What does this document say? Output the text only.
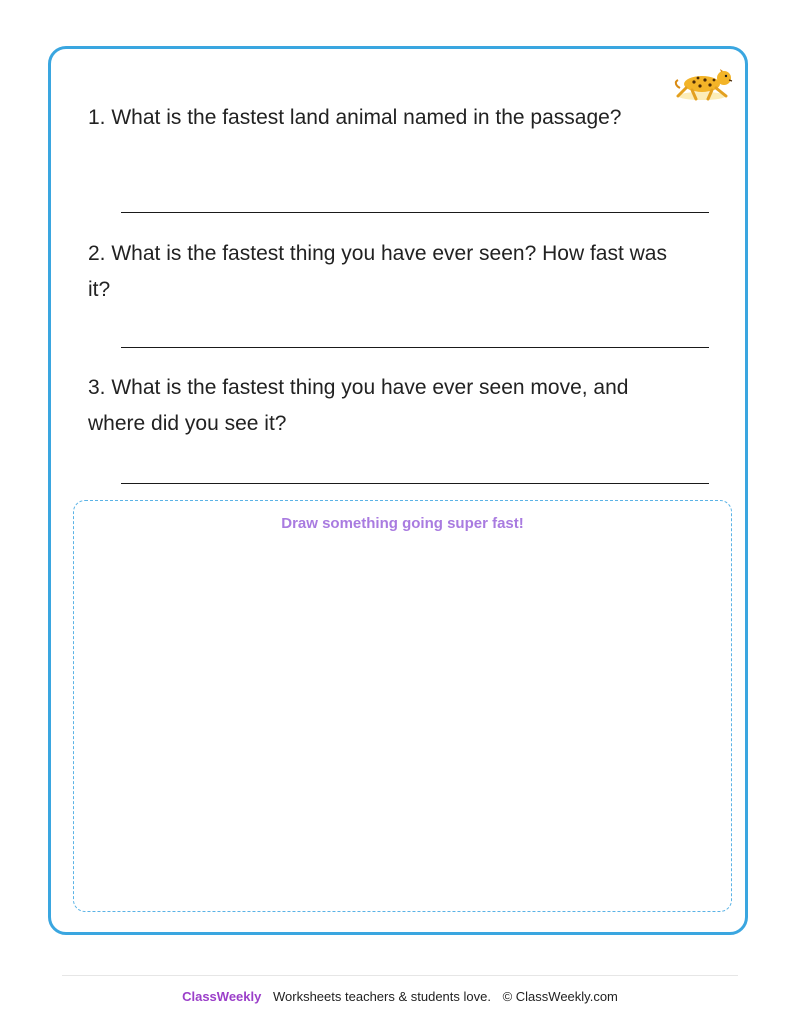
1. What is the fastest land animal named in the passage?
2. What is the fastest thing you have ever seen? How fast was it?
3. What is the fastest thing you have ever seen move, and where did you see it?
Draw something going super fast!
ClassWeekly Worksheets teachers & students love. © ClassWeekly.com
